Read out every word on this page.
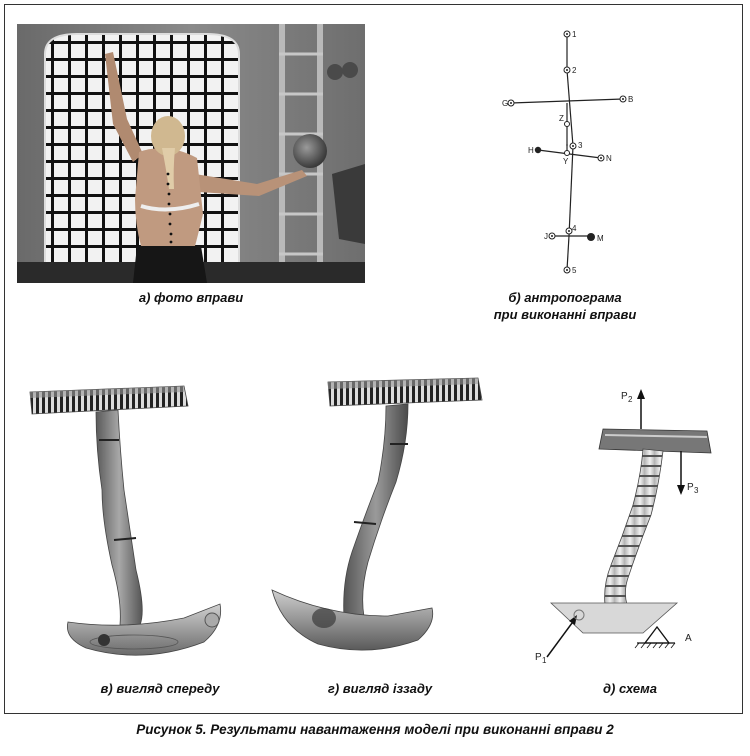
а) фото вправи
1
2
G	B
Z
3
H
Y	N
4
J	M
5
б) антропограма
при виконанні вправи
в) вигляд спереду	г) вигляд іззаду
P 2
P 3
P 1
A
д) схема
Рисунок 5. Результати навантаження моделі при виконанні вправи 2
